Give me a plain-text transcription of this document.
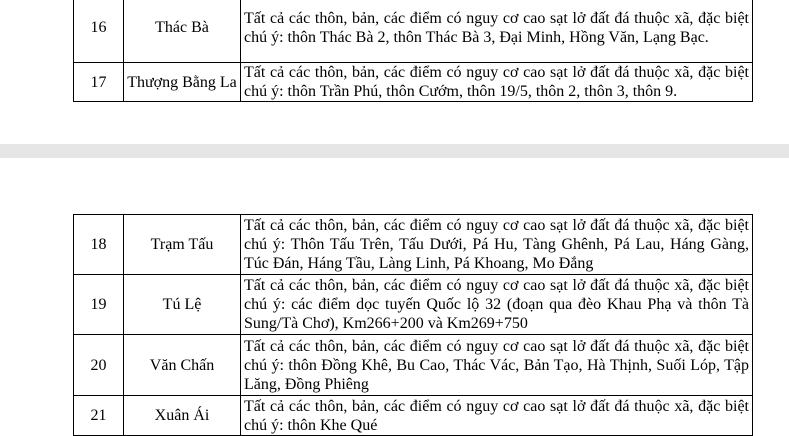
16	Thác Bà	Tất cả các thôn, bản, các điểm có nguy cơ cao sạt lở đất đá thuộc xã, đặc biệt chú ý: thôn Thác Bà 2, thôn Thác Bà 3, Đại Minh, Hồng Văn, Lạng Bạc.
17	Thượng Bằng La	Tất cả các thôn, bản, các điểm có nguy cơ cao sạt lở đất đá thuộc xã, đặc biệt chú ý: thôn Trần Phú, thôn Cướm, thôn 19/5, thôn 2, thôn 3, thôn 9.
18	Trạm Tấu	Tất cả các thôn, bản, các điểm có nguy cơ cao sạt lở đất đá thuộc xã, đặc biệt chú ý: Thôn Tấu Trên, Tấu Dưới, Pá Hu, Tàng Ghênh, Pá Lau, Háng Gàng, Túc Đán, Háng Tầu, Làng Linh, Pá Khoang, Mo Đắng
19	Tú Lệ	Tất cả các thôn, bản, các điểm có nguy cơ cao sạt lở đất đá thuộc xã, đặc biệt chú ý: các điểm dọc tuyến Quốc lộ 32 (đoạn qua đèo Khau Phạ và thôn Tà Sung/Tà Chơ), Km266+200 và Km269+750
20	Văn Chấn	Tất cả các thôn, bản, các điểm có nguy cơ cao sạt lở đất đá thuộc xã, đặc biệt chú ý: thôn Đồng Khê, Bu Cao, Thác Vác, Bản Tạo, Hà Thịnh, Suối Lóp, Tập Lăng, Đồng Phiêng
21	Xuân Ái	Tất cả các thôn, bản, các điểm có nguy cơ cao sạt lở đất đá thuộc xã, đặc biệt chú ý: thôn Khe Qué
